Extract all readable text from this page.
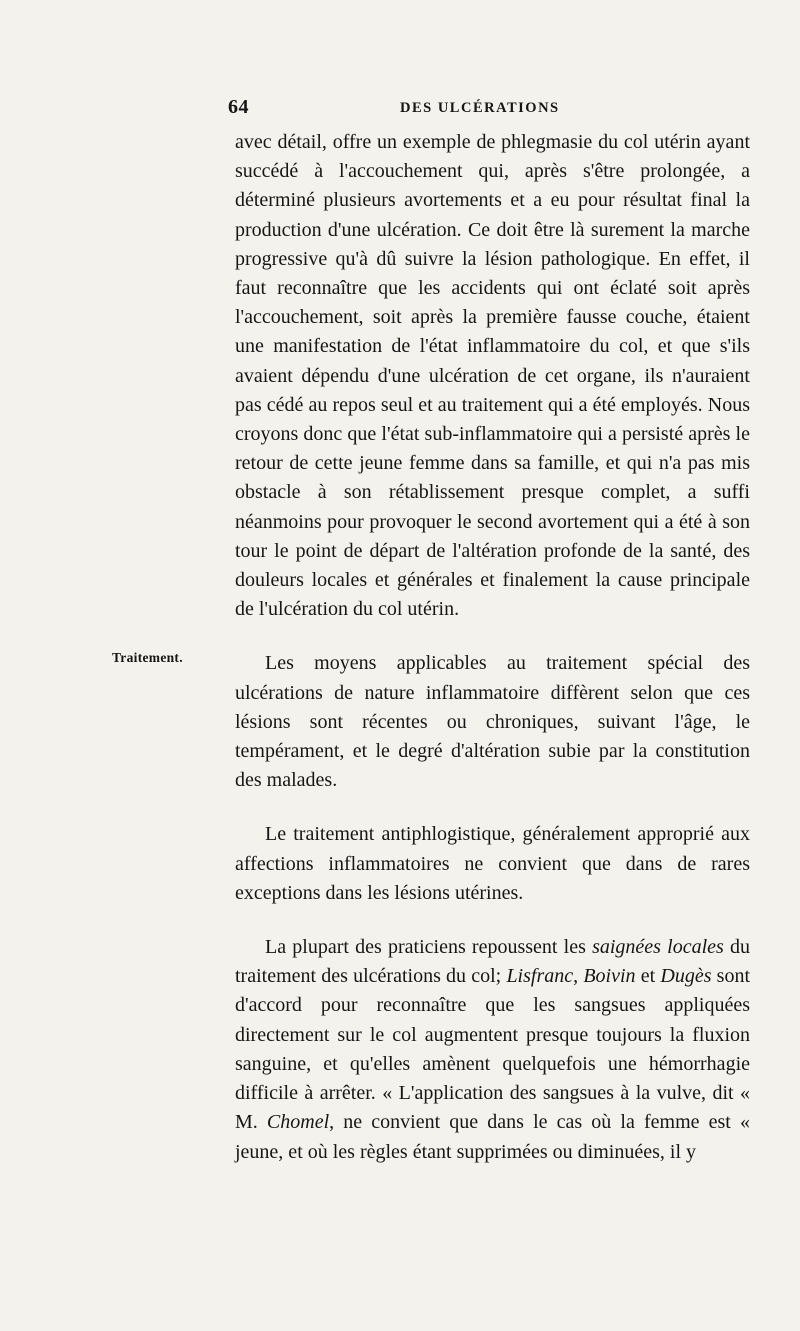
64	DES ULCÉRATIONS
Traitement.

avec détail, offre un exemple de phlegmasie du col utérin ayant succédé à l'accouchement qui, après s'être prolongée, a déterminé plusieurs avortements et a eu pour résultat final la production d'une ulcération. Ce doit être là surement la marche progressive qu'à dû suivre la lésion pathologique. En effet, il faut reconnaître que les accidents qui ont éclaté soit après l'accouchement, soit après la première fausse couche, étaient une manifestation de l'état inflammatoire du col, et que s'ils avaient dépendu d'une ulcération de cet organe, ils n'auraient pas cédé au repos seul et au traitement qui a été employés. Nous croyons donc que l'état sub-inflammatoire qui a persisté après le retour de cette jeune femme dans sa famille, et qui n'a pas mis obstacle à son rétablissement presque complet, a suffi néanmoins pour provoquer le second avortement qui a été à son tour le point de départ de l'altération profonde de la santé, des douleurs locales et générales et finalement la cause principale de l'ulcération du col utérin.

Les moyens applicables au traitement spécial des ulcérations de nature inflammatoire diffèrent selon que ces lésions sont récentes ou chroniques, suivant l'âge, le tempérament, et le degré d'altération subie par la constitution des malades.

Le traitement antiphlogistique, généralement approprié aux affections inflammatoires ne convient que dans de rares exceptions dans les lésions utérines.

La plupart des praticiens repoussent les saignées locales du traitement des ulcérations du col; Lisfranc, Boivin et Dugès sont d'accord pour reconnaître que les sangsues appliquées directement sur le col augmentent presque toujours la fluxion sanguine, et qu'elles amènent quelquefois une hémorrhagie difficile à arrêter. « L'application des sangsues à la vulve, dit « M. Chomel, ne convient que dans le cas où la femme est « jeune, et où les règles étant supprimées ou diminuées, il y
